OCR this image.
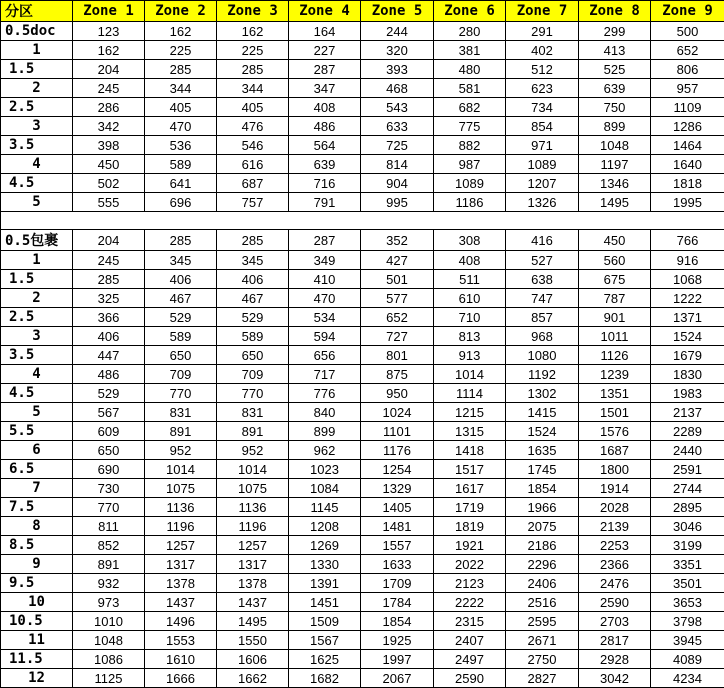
分区	Zone 1	Zone 2	Zone 3	Zone 4	Zone 5	Zone 6	Zone 7	Zone 8	Zone 9
0.5doc	123	162	162	164	244	280	291	299	500
1	162	225	225	227	320	381	402	413	652
1.5	204	285	285	287	393	480	512	525	806
2	245	344	344	347	468	581	623	639	957
2.5	286	405	405	408	543	682	734	750	1109
3	342	470	476	486	633	775	854	899	1286
3.5	398	536	546	564	725	882	971	1048	1464
4	450	589	616	639	814	987	1089	1197	1640
4.5	502	641	687	716	904	1089	1207	1346	1818
5	555	696	757	791	995	1186	1326	1495	1995

0.5包裹	204	285	285	287	352	308	416	450	766
1	245	345	345	349	427	408	527	560	916
1.5	285	406	406	410	501	511	638	675	1068
2	325	467	467	470	577	610	747	787	1222
2.5	366	529	529	534	652	710	857	901	1371
3	406	589	589	594	727	813	968	1011	1524
3.5	447	650	650	656	801	913	1080	1126	1679
4	486	709	709	717	875	1014	1192	1239	1830
4.5	529	770	770	776	950	1114	1302	1351	1983
5	567	831	831	840	1024	1215	1415	1501	2137
5.5	609	891	891	899	1101	1315	1524	1576	2289
6	650	952	952	962	1176	1418	1635	1687	2440
6.5	690	1014	1014	1023	1254	1517	1745	1800	2591
7	730	1075	1075	1084	1329	1617	1854	1914	2744
7.5	770	1136	1136	1145	1405	1719	1966	2028	2895
8	811	1196	1196	1208	1481	1819	2075	2139	3046
8.5	852	1257	1257	1269	1557	1921	2186	2253	3199
9	891	1317	1317	1330	1633	2022	2296	2366	3351
9.5	932	1378	1378	1391	1709	2123	2406	2476	3501
10	973	1437	1437	1451	1784	2222	2516	2590	3653
10.5	1010	1496	1495	1509	1854	2315	2595	2703	3798
11	1048	1553	1550	1567	1925	2407	2671	2817	3945
11.5	1086	1610	1606	1625	1997	2497	2750	2928	4089
12	1125	1666	1662	1682	2067	2590	2827	3042	4234
